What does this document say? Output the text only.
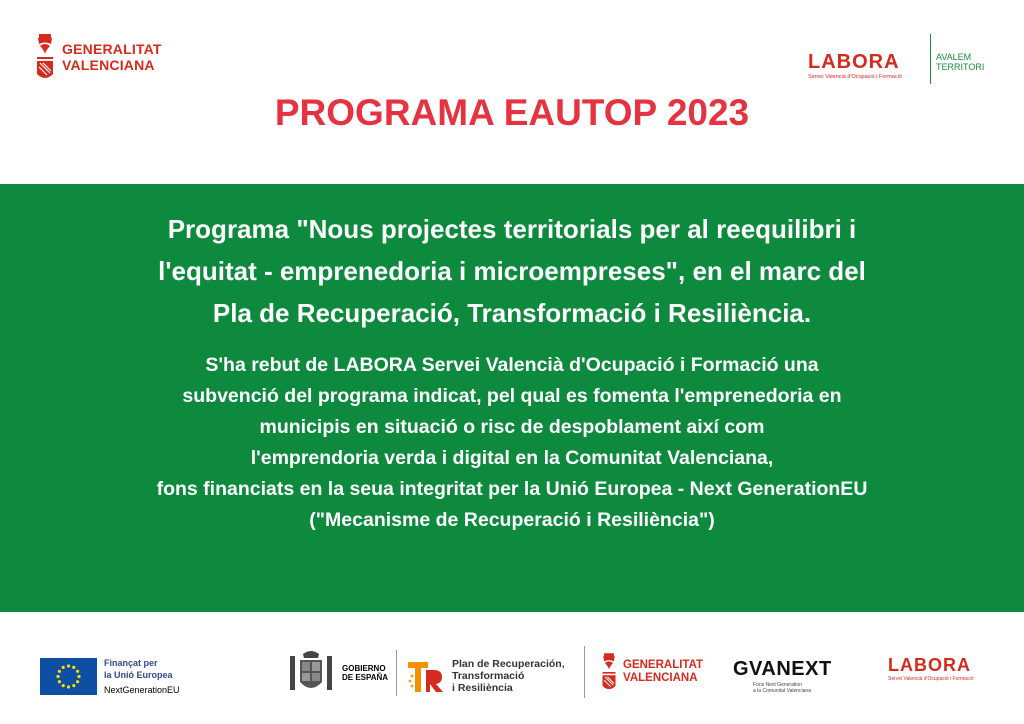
GENERALITAT
VALENCIANA	LABORA
Servei Valencià d'Ocupació i Formació
AVALEM
TERRITORI
PROGRAMA EAUTOP 2023

Programa "Nous projectes territorials per al reequilibri i
l'equitat - emprenedoria i microempreses", en el marc del
Pla de Recuperació, Transformació i Resiliència.

S'ha rebut de LABORA Servei Valencià d'Ocupació i Formació una
subvenció del programa indicat, pel qual es fomenta l'emprenedoria en
municipis en situació o risc de despoblament així com
l'emprendoria verda i digital en la Comunitat Valenciana,
fons financiats en la seua integritat per la Unió Europea - Next GenerationEU
("Mecanisme de Recuperació i Resiliència")

Finançat per
la Unió Europea
NextGenerationEU
GOBIERNO
DE ESPAÑA
Plan de Recuperación,
Transformació
i Resiliència
GENERALITAT
VALENCIANA GVANEXT
Fons Next Generation
a la Comunitat Valenciana
LABORA
Servei Valencià d'Ocupació i Formació
